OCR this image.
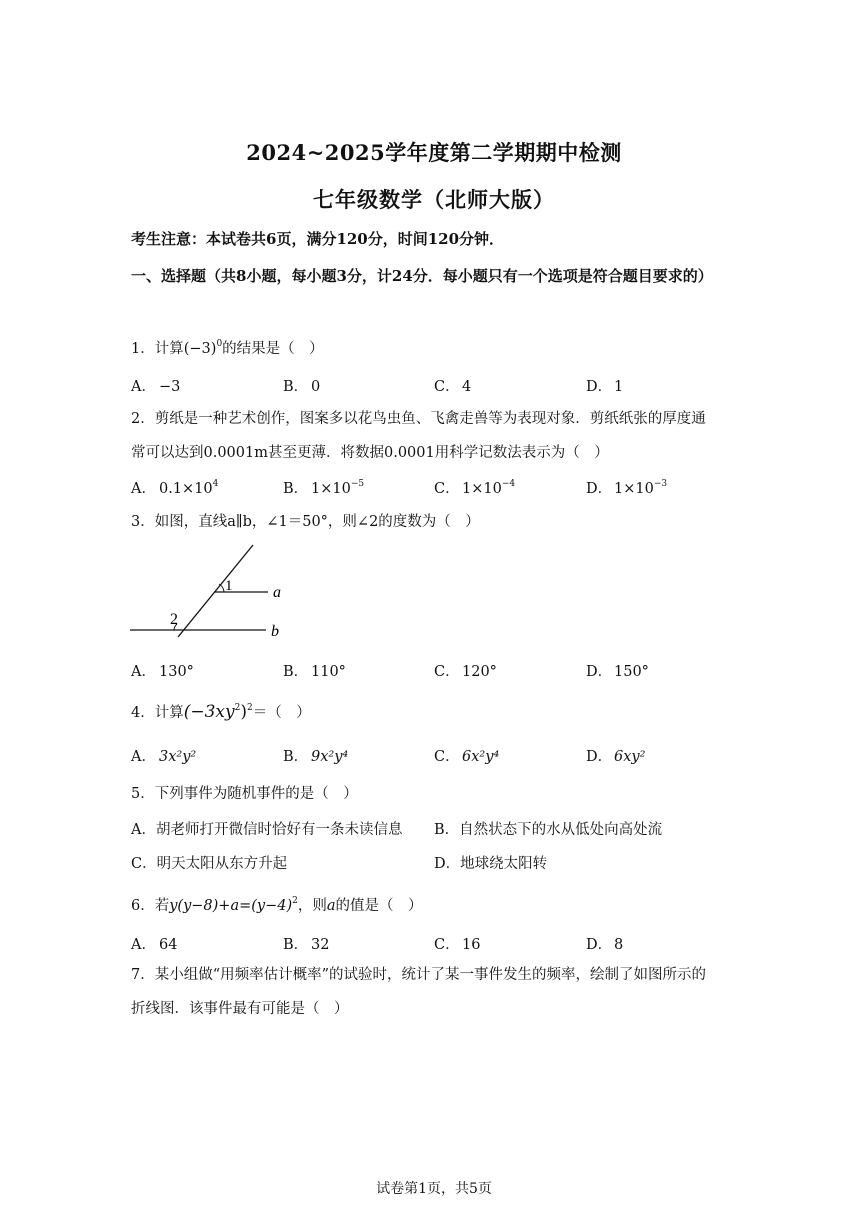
2024~2025学年度第二学期期中检测
七年级数学（北师大版）
考生注意：本试卷共6页，满分120分，时间120分钟．
一、选择题（共8小题，每小题3分，计24分．每小题只有一个选项是符合题目要求的）
1．计算$(-3)^0$的结果是（　）
A． −3	B． 0	C． 4	D． 1
2．剪纸是一种艺术创作，图案多以花鸟虫鱼、飞禽走兽等为表现对象．剪纸纸张的厚度通
常可以达到0.0001m甚至更薄．将数据0.0001用科学记数法表示为（　）
A． $0.1\times 10^4$	B． $1\times 10^{-5}$	C． $1\times 10^{-4}$	D． $1\times 10^{-3}$
3．如图，直线a∥b，∠1＝50°，则∠2的度数为（　）
1
2
a
b
A． 130°	B． 110°	C． 120°	D． 150°
4．计算$(-3xy^2)^2=$（　）
A． 3x²y²	B． 9x²y⁴	C． 6x²y⁴	D． 6xy²
5．下列事件为随机事件的是（　）
A．胡老师打开微信时恰好有一条未读信息 B．自然状态下的水从低处向高处流
C．明天太阳从东方升起	D．地球绕太阳转
6．若$y(y-8)+a=(y-4)^2$，则a的值是（　）
A． 64	B． 32	C． 16	D． 8
7．某小组做“用频率估计概率”的试验时，统计了某一事件发生的频率，绘制了如图所示的
折线图．该事件最有可能是（　）
试卷第1页，共5页
